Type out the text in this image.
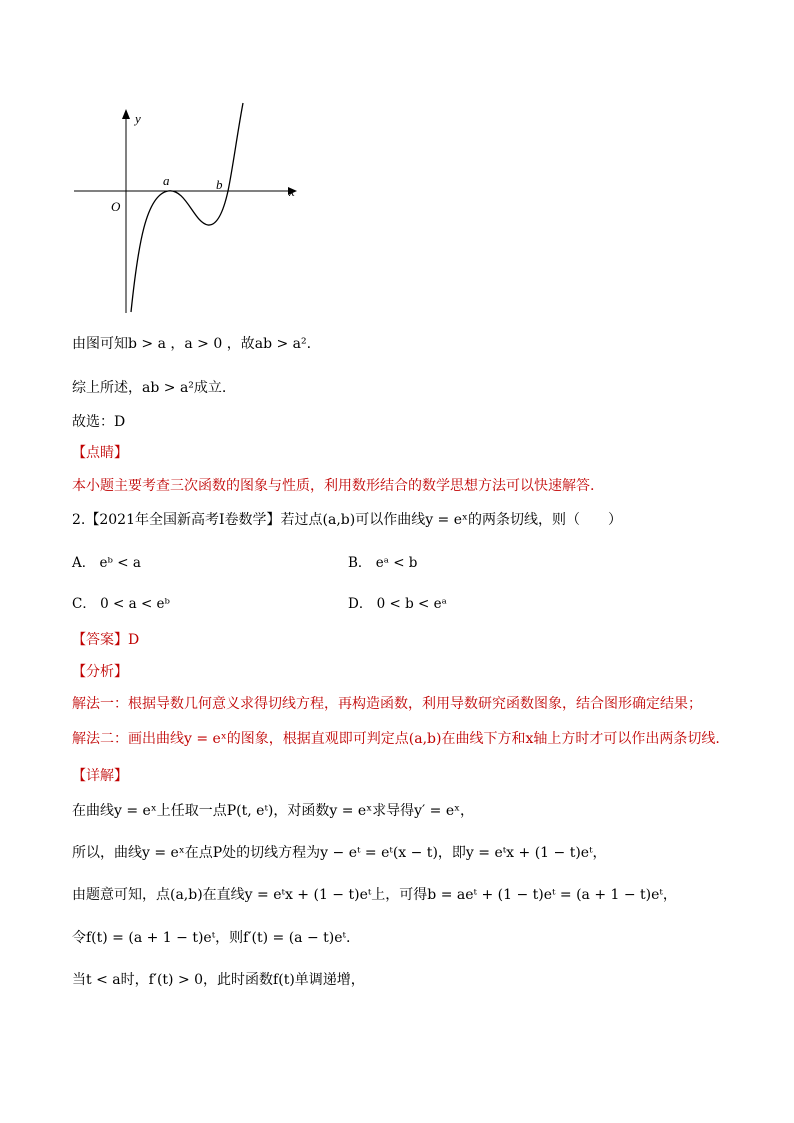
y
x
O
a	b
由图可知b > a ，a > 0 ，故ab > a².
综上所述，ab > a²成立.
故选：D
【点睛】
本小题主要考查三次函数的图象与性质，利用数形结合的数学思想方法可以快速解答.
2.【2021年全国新高考Ⅰ卷数学】若过点(a,b)可以作曲线y = eˣ的两条切线，则（　　）
A． eᵇ < a	B． eᵃ < b
C． 0 < a < eᵇ	D． 0 < b < eᵃ
【答案】D
【分析】
解法一：根据导数几何意义求得切线方程，再构造函数，利用导数研究函数图象，结合图形确定结果；
解法二：画出曲线y = eˣ的图象，根据直观即可判定点(a,b)在曲线下方和x轴上方时才可以作出两条切线.
【详解】
在曲线y = eˣ上任取一点P(t, eᵗ)，对函数y = eˣ求导得y′ = eˣ，
所以，曲线y = eˣ在点P处的切线方程为y − eᵗ = eᵗ(x − t)，即y = eᵗx + (1 − t)eᵗ，
由题意可知，点(a,b)在直线y = eᵗx + (1 − t)eᵗ上，可得b = aeᵗ + (1 − t)eᵗ = (a + 1 − t)eᵗ，
令f(t) = (a + 1 − t)eᵗ，则f′(t) = (a − t)eᵗ.
当t < a时，f′(t) > 0，此时函数f(t)单调递增，
